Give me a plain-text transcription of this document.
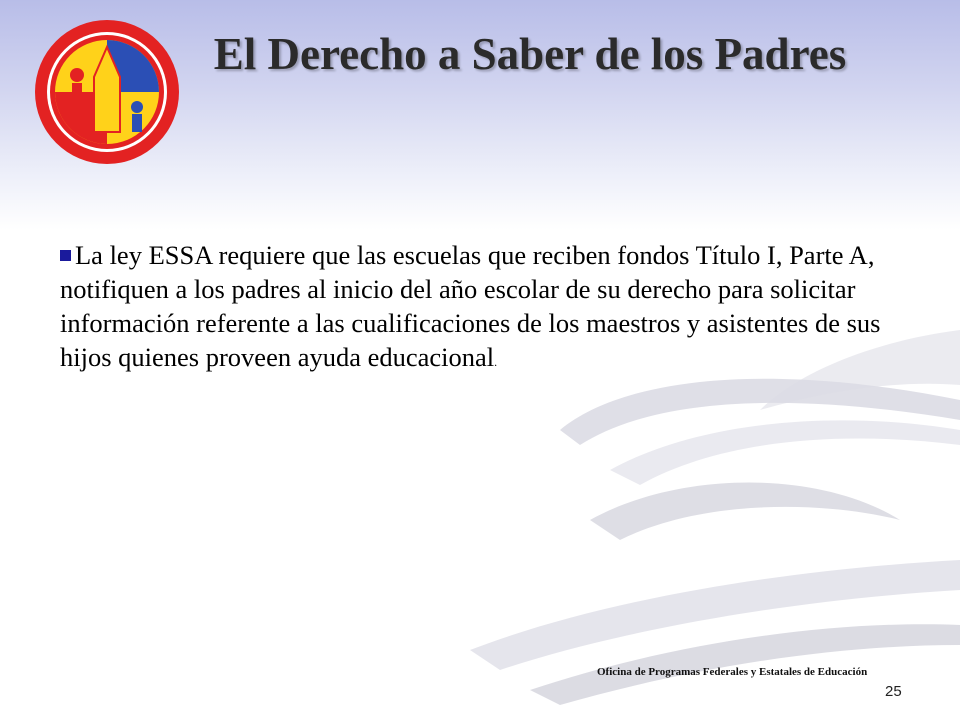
El Derecho a Saber de los Padres
La ley ESSA requiere que las escuelas que reciben fondos Título I, Parte A, notifiquen a los padres al inicio del año escolar de su derecho para solicitar información referente a las cualificaciones de los maestros y asistentes de sus hijos quienes proveen ayuda educacional.
Oficina de Programas Federales y Estatales de Educación
25
